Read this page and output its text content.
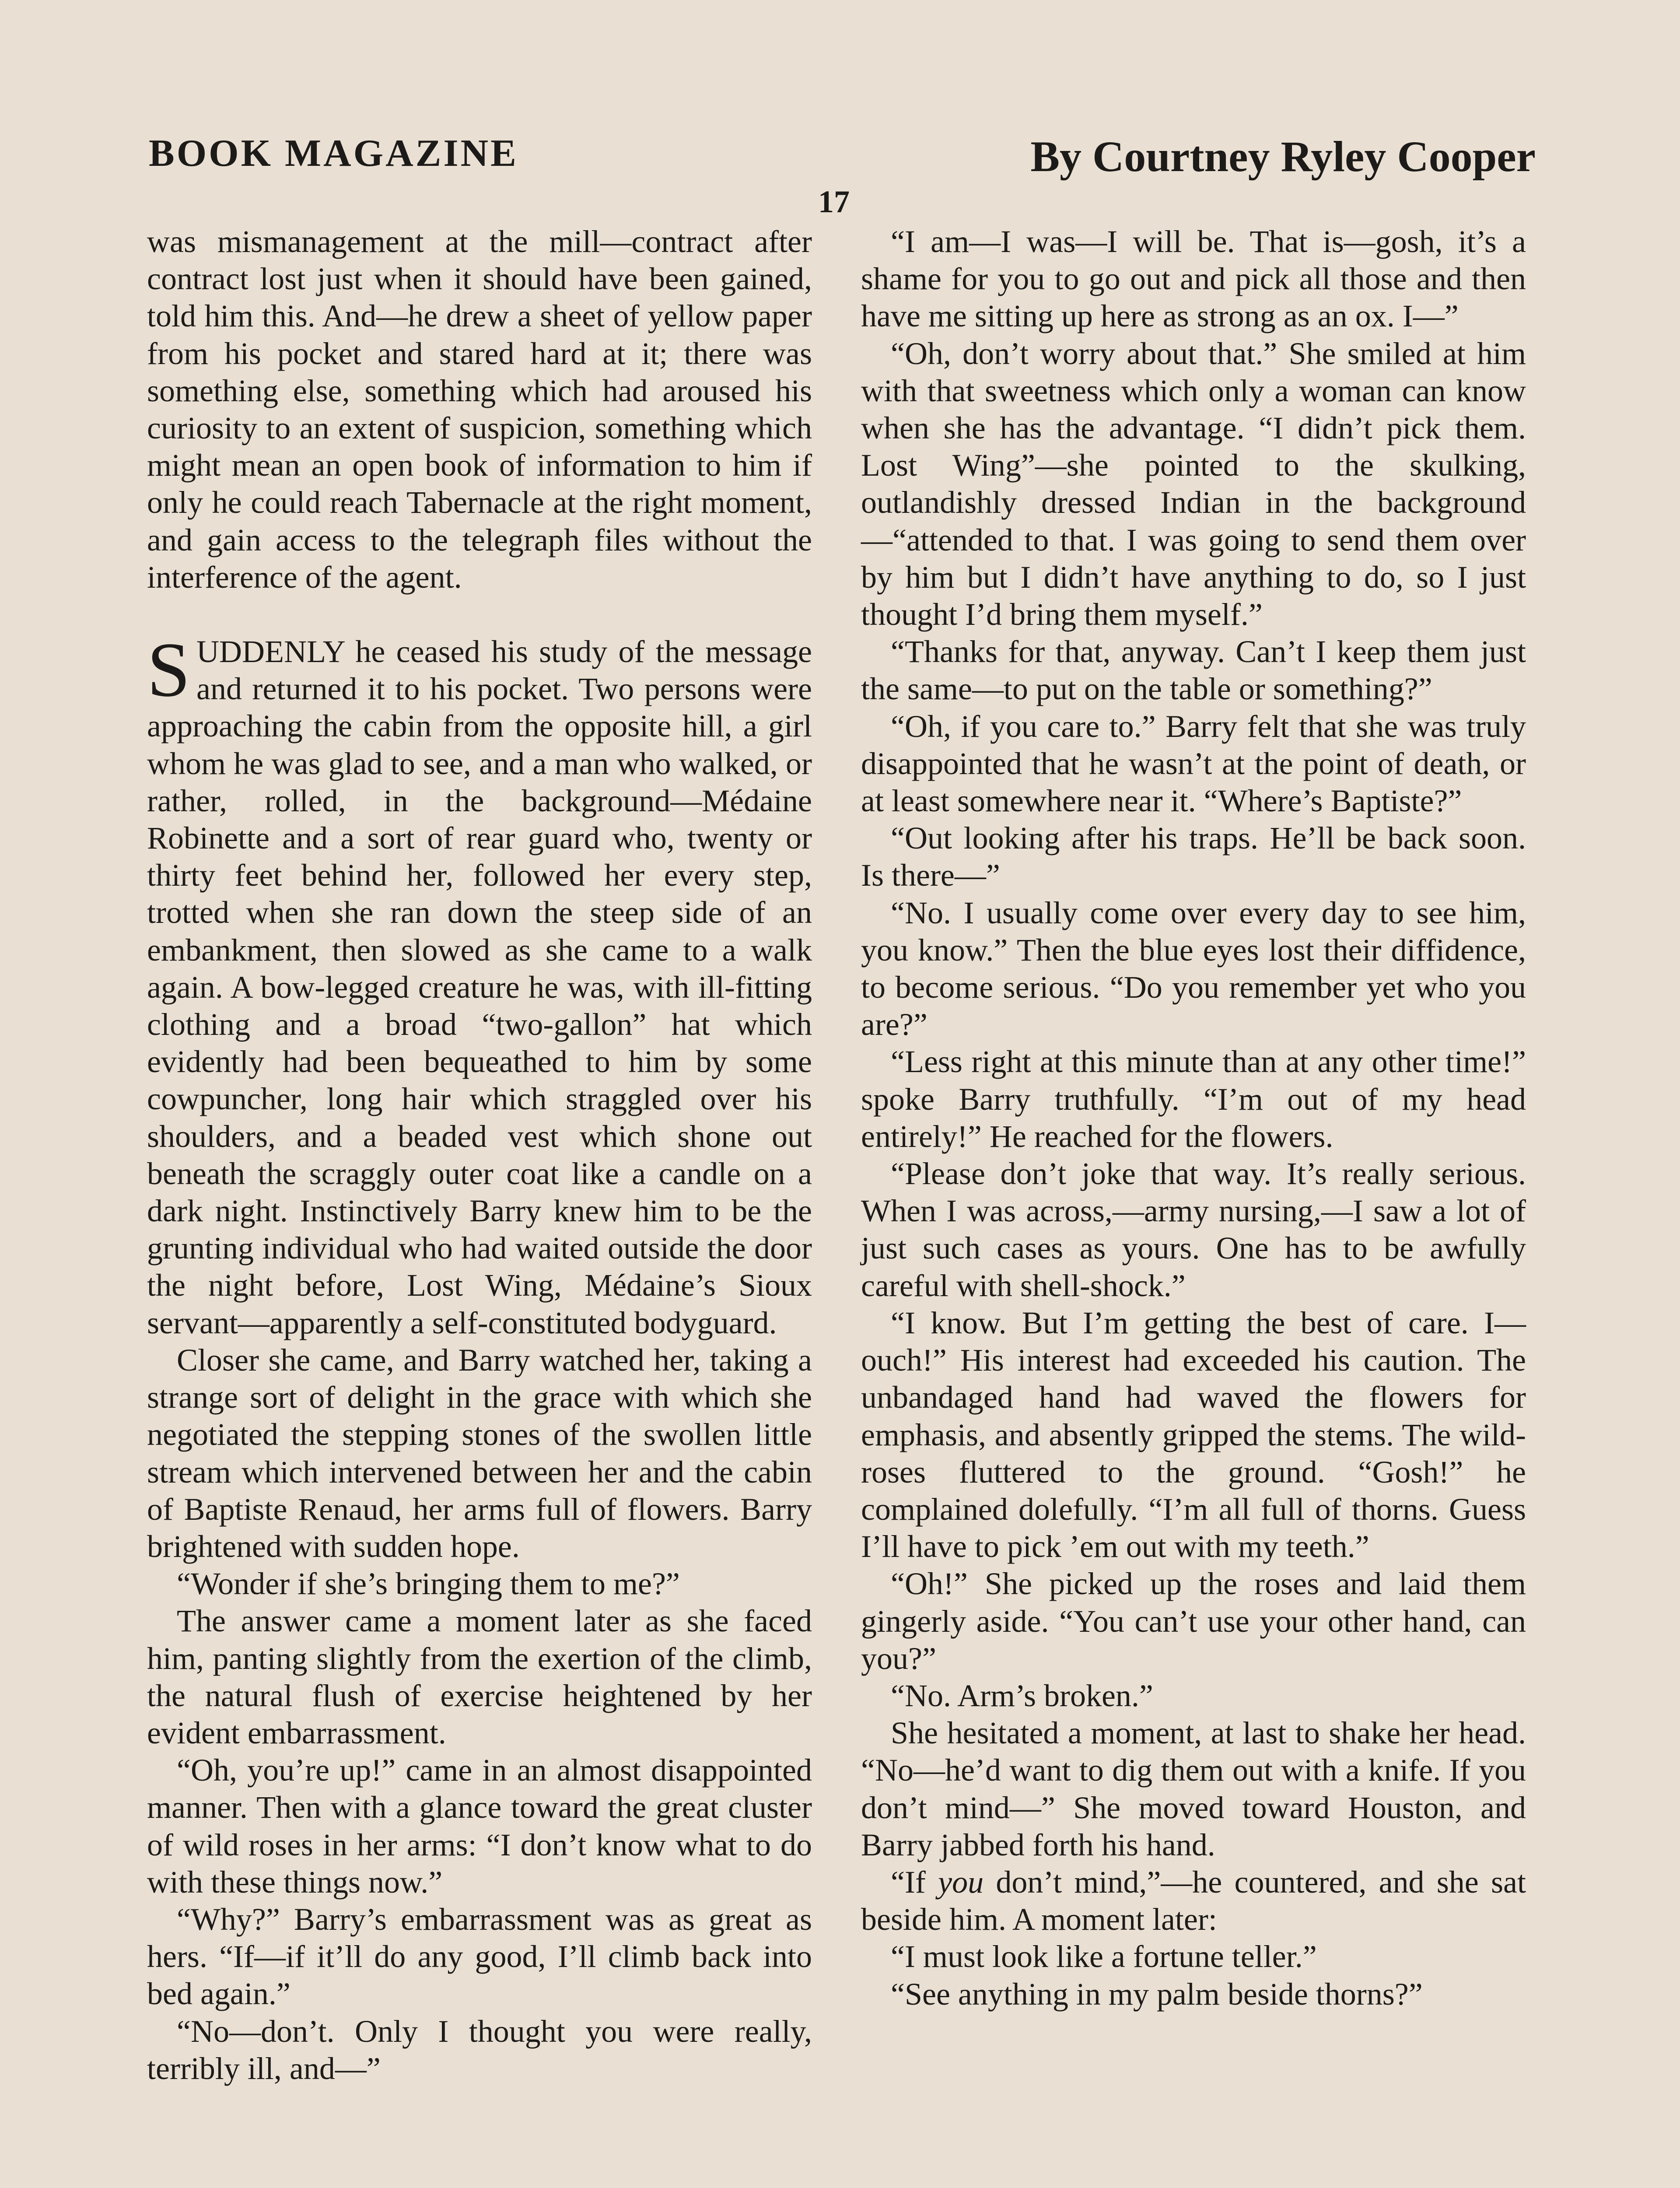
BOOK MAGAZINE	By Courtney Ryley Cooper
17

was mismanagement at the mill—contract after contract lost just when it should have been gained, told him this. And—he drew a sheet of yellow paper from his pocket and stared hard at it; there was something else, something which had aroused his curiosity to an extent of suspicion, something which might mean an open book of information to him if only he could reach Tabernacle at the right moment, and gain access to the telegraph files without the interference of the agent.

SUDDENLY he ceased his study of the message and returned it to his pocket. Two persons were approaching the cabin from the opposite hill, a girl whom he was glad to see, and a man who walked, or rather, rolled, in the background—Médaine Robinette and a sort of rear guard who, twenty or thirty feet behind her, followed her every step, trotted when she ran down the steep side of an embankment, then slowed as she came to a walk again. A bow-legged creature he was, with ill-fitting clothing and a broad “two-gallon” hat which evidently had been bequeathed to him by some cowpuncher, long hair which straggled over his shoulders, and a beaded vest which shone out beneath the scraggly outer coat like a candle on a dark night. Instinctively Barry knew him to be the grunting individual who had waited outside the door the night before, Lost Wing, Médaine’s Sioux servant—apparently a self-constituted bodyguard.

Closer she came, and Barry watched her, taking a strange sort of delight in the grace with which she negotiated the stepping stones of the swollen little stream which intervened between her and the cabin of Baptiste Renaud, her arms full of flowers. Barry brightened with sudden hope.

“Wonder if she’s bringing them to me?”

The answer came a moment later as she faced him, panting slightly from the exertion of the climb, the natural flush of exercise heightened by her evident embarrassment.

“Oh, you’re up!” came in an almost disappointed manner. Then with a glance toward the great cluster of wild roses in her arms: “I don’t know what to do with these things now.”

“Why?” Barry’s embarrassment was as great as hers. “If—if it’ll do any good, I’ll climb back into bed again.”

“No—don’t. Only I thought you were really, terribly ill, and—”

“I am—I was—I will be. That is—gosh, it’s a shame for you to go out and pick all those and then have me sitting up here as strong as an ox. I—”

“Oh, don’t worry about that.” She smiled at him with that sweetness which only a woman can know when she has the advantage. “I didn’t pick them. Lost Wing”—she pointed to the skulking, outlandishly dressed Indian in the background —“attended to that. I was going to send them over by him but I didn’t have anything to do, so I just thought I’d bring them myself.”

“Thanks for that, anyway. Can’t I keep them just the same—to put on the table or something?”

“Oh, if you care to.” Barry felt that she was truly disappointed that he wasn’t at the point of death, or at least somewhere near it. “Where’s Baptiste?”

“Out looking after his traps. He’ll be back soon. Is there—”

“No. I usually come over every day to see him, you know.” Then the blue eyes lost their diffidence, to become serious. “Do you remember yet who you are?”

“Less right at this minute than at any other time!” spoke Barry truthfully. “I’m out of my head entirely!” He reached for the flowers.

“Please don’t joke that way. It’s really serious. When I was across,—army nursing,—I saw a lot of just such cases as yours. One has to be awfully careful with shell-shock.”

“I know. But I’m getting the best of care. I—ouch!” His interest had exceeded his caution. The unbandaged hand had waved the flowers for emphasis, and absently gripped the stems. The wild-roses fluttered to the ground. “Gosh!” he complained dolefully. “I’m all full of thorns. Guess I’ll have to pick ’em out with my teeth.”

“Oh!” She picked up the roses and laid them gingerly aside. “You can’t use your other hand, can you?”

“No. Arm’s broken.”

She hesitated a moment, at last to shake her head. “No—he’d want to dig them out with a knife. If you don’t mind—” She moved toward Houston, and Barry jabbed forth his hand.

“If you don’t mind,”—he countered, and she sat beside him. A moment later:

“I must look like a fortune teller.”

“See anything in my palm beside thorns?”
